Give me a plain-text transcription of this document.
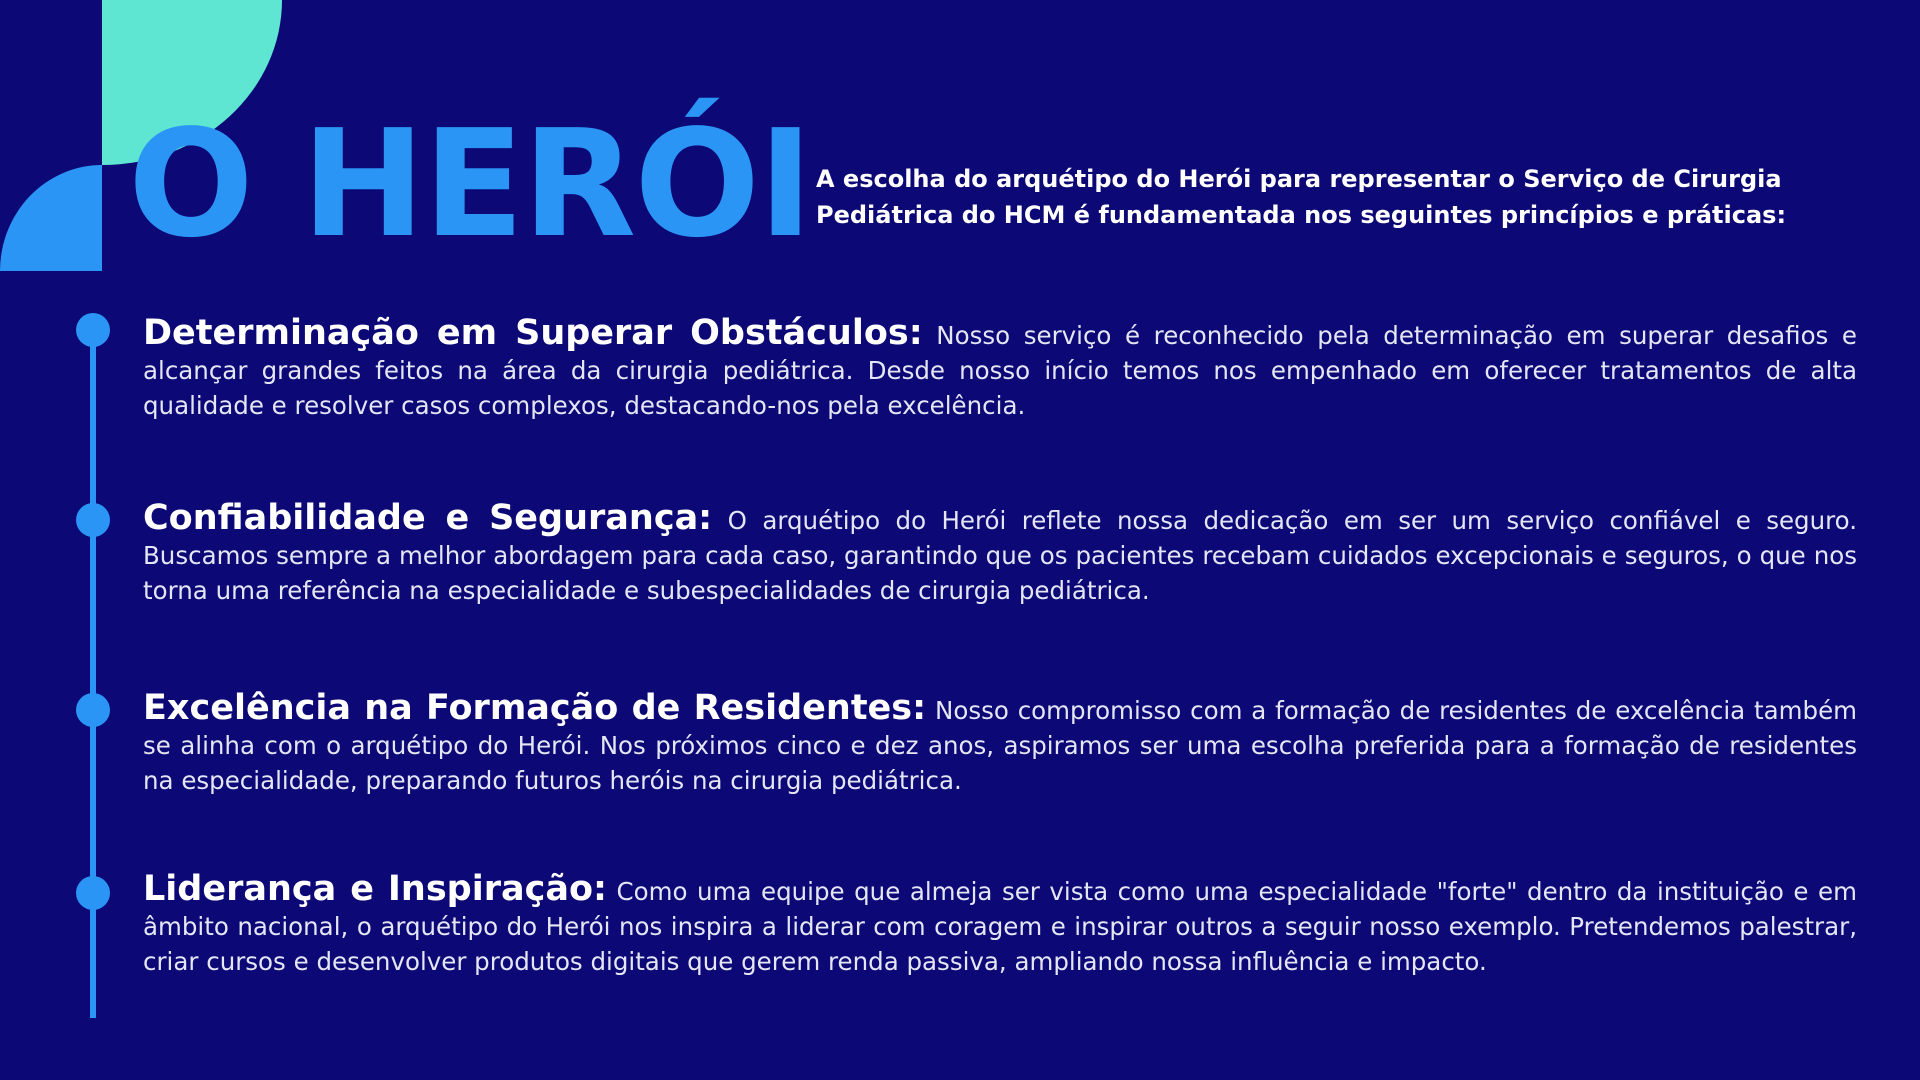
O HERÓI A escolha do arquétipo do Herói para representar o Serviço de Cirurgia Pediátrica do HCM é fundamentada nos seguintes princípios e práticas:

Determinação em Superar Obstáculos: Nosso serviço é reconhecido pela determinação em superar desafios e alcançar grandes feitos na área da cirurgia pediátrica. Desde nosso início temos nos empenhado em oferecer tratamentos de alta qualidade e resolver casos complexos, destacando-nos pela excelência.

Confiabilidade e Segurança: O arquétipo do Herói reflete nossa dedicação em ser um serviço confiável e seguro. Buscamos sempre a melhor abordagem para cada caso, garantindo que os pacientes recebam cuidados excepcionais e seguros, o que nos torna uma referência na especialidade e subespecialidades de cirurgia pediátrica.

Excelência na Formação de Residentes: Nosso compromisso com a formação de residentes de excelência também se alinha com o arquétipo do Herói. Nos próximos cinco e dez anos, aspiramos ser uma escolha preferida para a formação de residentes na especialidade, preparando futuros heróis na cirurgia pediátrica.

Liderança e Inspiração: Como uma equipe que almeja ser vista como uma especialidade "forte" dentro da instituição e em âmbito nacional, o arquétipo do Herói nos inspira a liderar com coragem e inspirar outros a seguir nosso exemplo. Pretendemos palestrar, criar cursos e desenvolver produtos digitais que gerem renda passiva, ampliando nossa influência e impacto.
